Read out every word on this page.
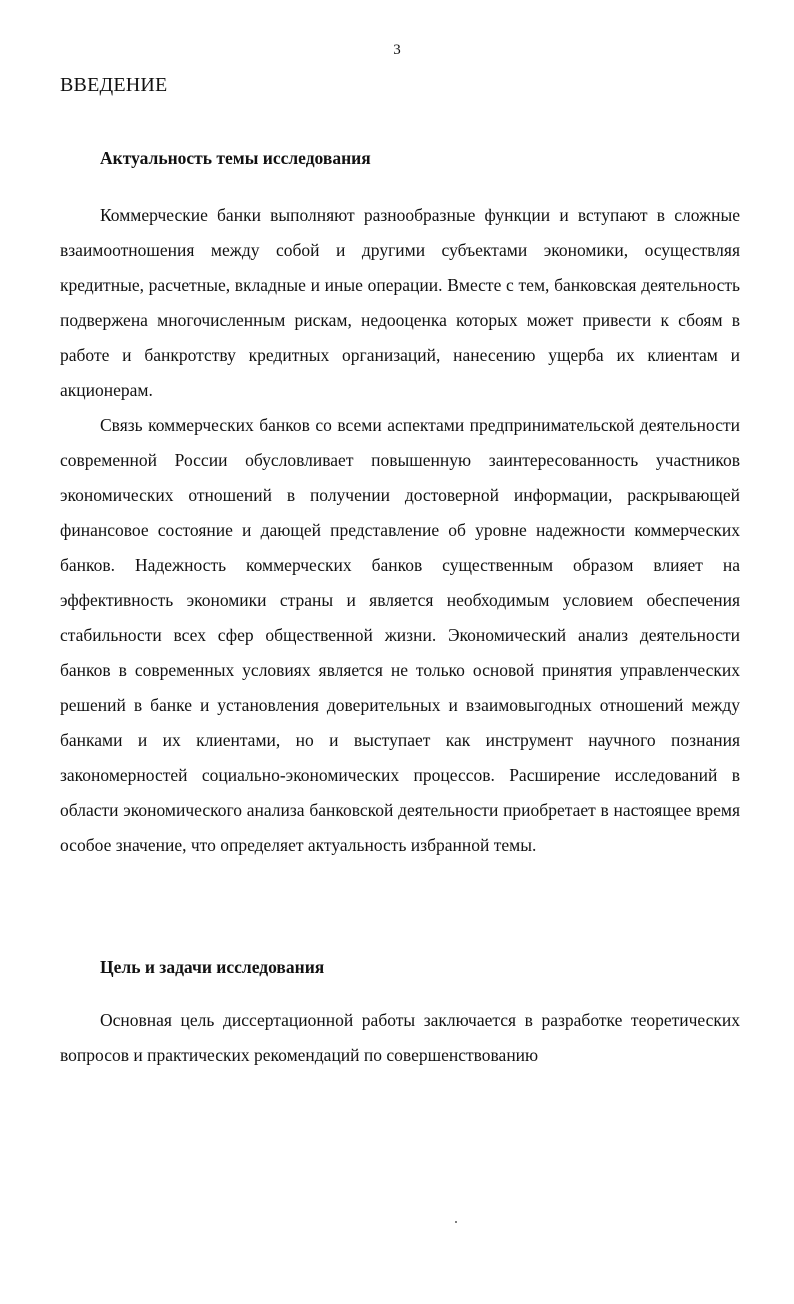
3
ВВЕДЕНИЕ
Актуальность темы исследования

Коммерческие банки выполняют разнообразные функции и вступают в сложные взаимоотношения между собой и другими субъектами экономики, осуществляя кредитные, расчетные, вкладные и иные операции. Вместе с тем, банковская деятельность подвержена многочисленным рискам, недооценка которых может привести к сбоям в работе и банкротству кредитных организаций, нанесению ущерба их клиентам и акционерам.

Связь коммерческих банков со всеми аспектами предпринимательской деятельности современной России обусловливает повышенную заинтересованность участников экономических отношений в получении достоверной информации, раскрывающей финансовое состояние и дающей представление об уровне надежности коммерческих банков. Надежность коммерческих банков существенным образом влияет на эффективность экономики страны и является необходимым условием обеспечения стабильности всех сфер общественной жизни. Экономический анализ деятельности банков в современных условиях является не только основой принятия управленческих решений в банке и установления доверительных и взаимовыгодных отношений между банками и их клиентами, но и выступает как инструмент научного познания закономерностей социально-экономических процессов. Расширение исследований в области экономического анализа банковской деятельности приобретает в настоящее время особое значение, что определяет актуальность избранной темы.

Цель и задачи исследования

Основная цель диссертационной работы заключается в разработке теоретических вопросов и практических рекомендаций по совершенствованию
